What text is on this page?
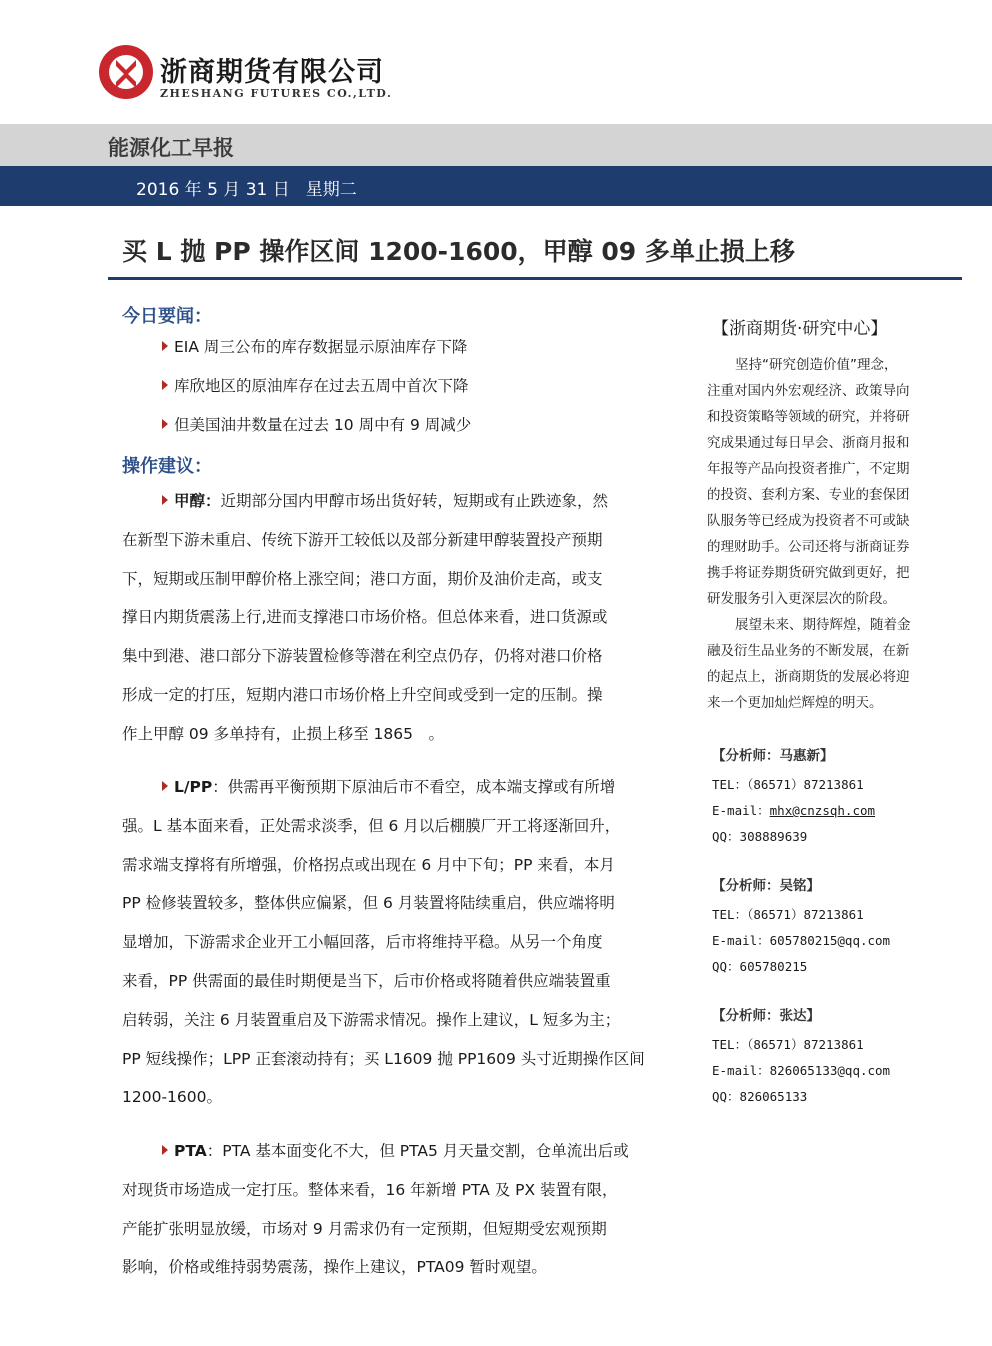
浙商期货有限公司
ZHESHANG FUTURES CO.,LTD.
能源化工早报
2016 年 5 月 31 日 星期二
买 L 抛 PP 操作区间 1200-1600，甲醇 09 多单止损上移
今日要闻：
EIA 周三公布的库存数据显示原油库存下降
库欣地区的原油库存在过去五周中首次下降
但美国油井数量在过去 10 周中有 9 周减少
操作建议：
甲醇：近期部分国内甲醇市场出货好转，短期或有止跌迹象，然
在新型下游未重启、传统下游开工较低以及部分新建甲醇装置投产预期
下，短期或压制甲醇价格上涨空间；港口方面，期价及油价走高，或支
撑日内期货震荡上行,进而支撑港口市场价格。但总体来看，进口货源或
集中到港、港口部分下游装置检修等潜在利空点仍存，仍将对港口价格
形成一定的打压，短期内港口市场价格上升空间或受到一定的压制。操
作上甲醇 09 多单持有，止损上移至 1865　。
L/PP：供需再平衡预期下原油后市不看空，成本端支撑或有所增
强。L 基本面来看，正处需求淡季，但 6 月以后棚膜厂开工将逐渐回升，
需求端支撑将有所增强，价格拐点或出现在 6 月中下旬；PP 来看，本月
PP 检修装置较多，整体供应偏紧，但 6 月装置将陆续重启，供应端将明
显增加，下游需求企业开工小幅回落，后市将维持平稳。从另一个角度
来看，PP 供需面的最佳时期便是当下，后市价格或将随着供应端装置重
启转弱，关注 6 月装置重启及下游需求情况。操作上建议，L 短多为主；
PP 短线操作；LPP 正套滚动持有；买 L1609 抛 PP1609 头寸近期操作区间
1200-1600。
PTA：PTA 基本面变化不大，但 PTA5 月天量交割，仓单流出后或
对现货市场造成一定打压。整体来看，16 年新增 PTA 及 PX 装置有限，
产能扩张明显放缓，市场对 9 月需求仍有一定预期，但短期受宏观预期
影响，价格或维持弱势震荡，操作上建议，PTA09 暂时观望。
【浙商期货·研究中心】
坚持“研究创造价值”理念，
注重对国内外宏观经济、政策导向
和投资策略等领域的研究，并将研
究成果通过每日早会、浙商月报和
年报等产品向投资者推广，不定期
的投资、套利方案、专业的套保团
队服务等已经成为投资者不可或缺
的理财助手。公司还将与浙商证券
携手将证券期货研究做到更好，把
研发服务引入更深层次的阶段。
展望未来、期待辉煌，随着金
融及衍生品业务的不断发展，在新
的起点上，浙商期货的发展必将迎
来一个更加灿烂辉煌的明天。
【分析师：马惠新】
TEL：（86571）87213861
E-mail：mhx@cnzsqh.com
QQ：308889639
【分析师：吴铭】
TEL：（86571）87213861
E-mail：605780215@qq.com
QQ：605780215
【分析师：张达】
TEL：（86571）87213861
E-mail：826065133@qq.com
QQ：826065133
